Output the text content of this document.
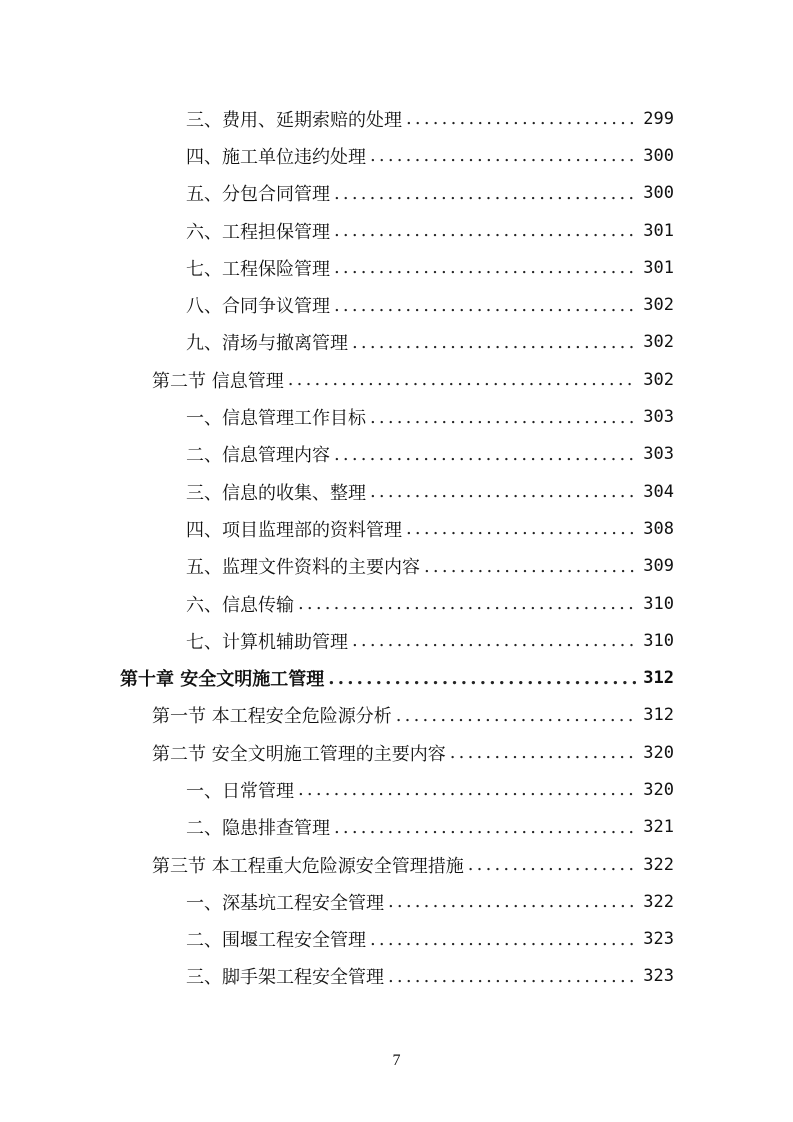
三、费用、延期索赔的处理 .....	299
四、施工单位违约处理 .....	300
五、分包合同管理 .....	300
六、工程担保管理 .....	301
七、工程保险管理 .....	301
八、合同争议管理 .....	302
九、清场与撤离管理 .....	302
第二节 信息管理 .....	302
一、信息管理工作目标 .....	303
二、信息管理内容 .....	303
三、信息的收集、整理 .....	304
四、项目监理部的资料管理 .....	308
五、监理文件资料的主要内容 .....	309
六、信息传输 .....	310
七、计算机辅助管理 .....	310
第十章 安全文明施工管理 .....	312
第一节 本工程安全危险源分析 .....	312
第二节 安全文明施工管理的主要内容 .....	320
一、日常管理 .....	320
二、隐患排查管理 .....	321
第三节 本工程重大危险源安全管理措施 .....	322
一、深基坑工程安全管理 .....	322
二、围堰工程安全管理 .....	323
三、脚手架工程安全管理 .....	323
7
